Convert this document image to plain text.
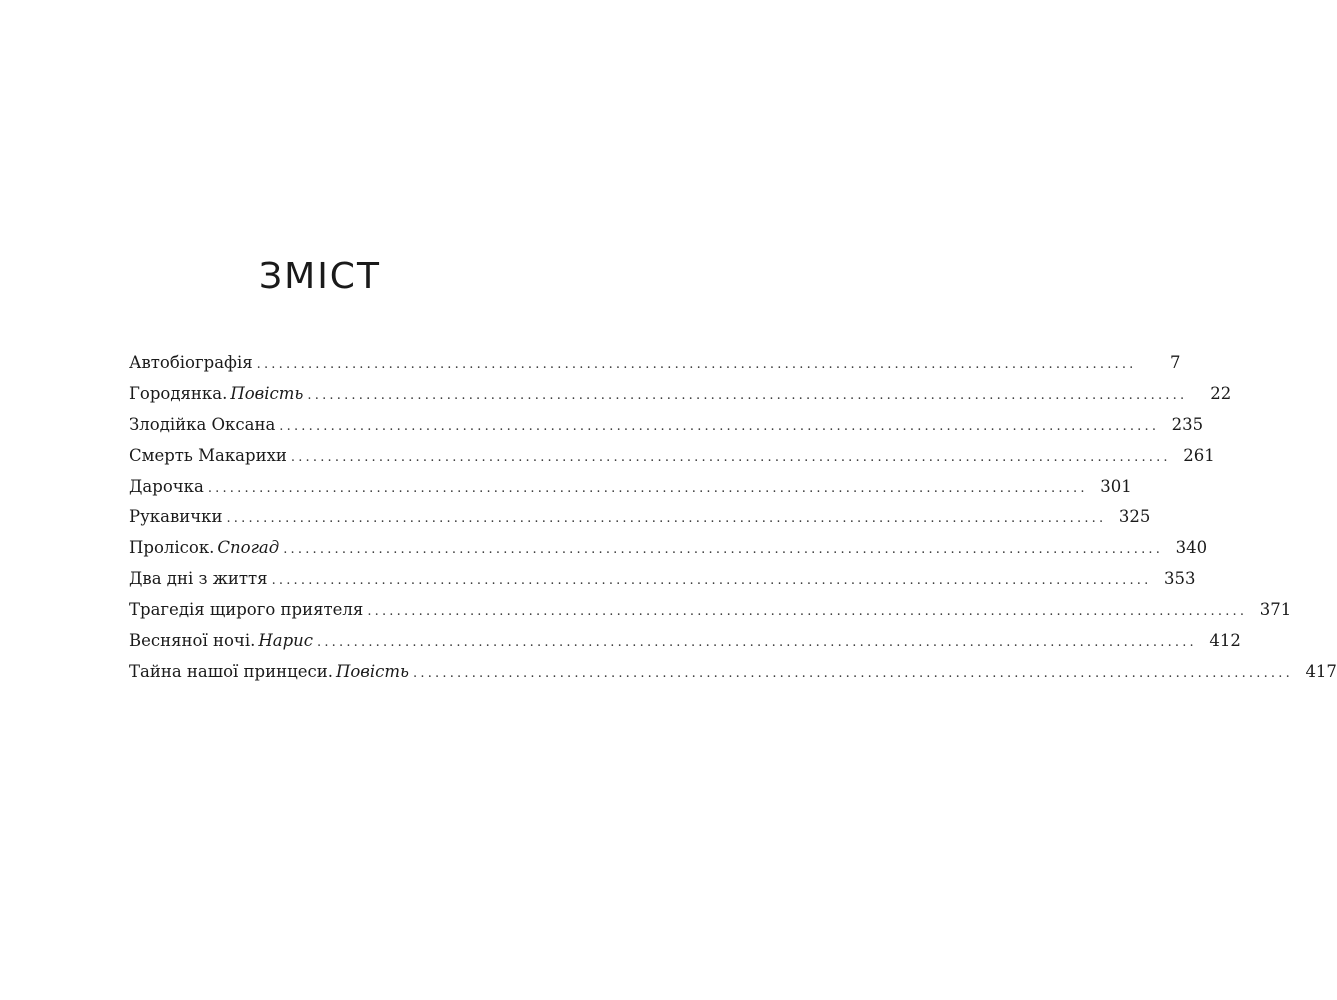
ЗМІСТ
Автобіографія ........................................................................................................................	7
Городянка. Повість ........................................................................................................................	22
Злодійка Оксана ........................................................................................................................ 235
Смерть Макарихи ........................................................................................................................ 261
Дарочка ........................................................................................................................ 301
Рукавички ........................................................................................................................ 325
Пролісок. Спогад ........................................................................................................................ 340
Два дні з життя ........................................................................................................................ 353
Трагедія щирого приятеля ........................................................................................................................ 371
Весняної ночі. Нарис ........................................................................................................................ 412
Тайна нашої принцеси. Повість ........................................................................................................................ 417
